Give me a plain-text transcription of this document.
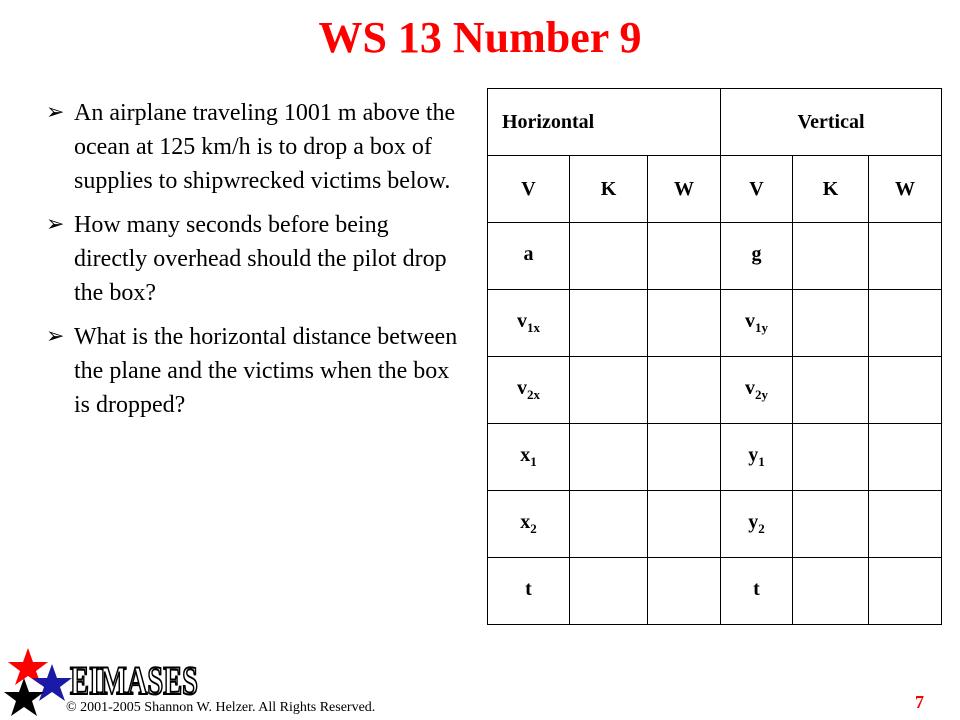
WS 13 Number 9
➢ An airplane traveling 1001 m above the ocean at 125 km/h is to drop a box of supplies to shipwrecked victims below.
➢ How many seconds before being directly overhead should the pilot drop the box?
➢ What is the horizontal distance between the plane and the victims when the box is dropped?
Horizontal			Vertical		
V	K	W	V	K	W
a			g		
$v_{1x}$			$v_{1y}$		
$v_{2x}$			$v_{2y}$		
$x_1$			$y_1$		
$x_2$			$y_2$		
t			t		
EIMASES
© 2001-2005 Shannon W. Helzer. All Rights Reserved.	7
